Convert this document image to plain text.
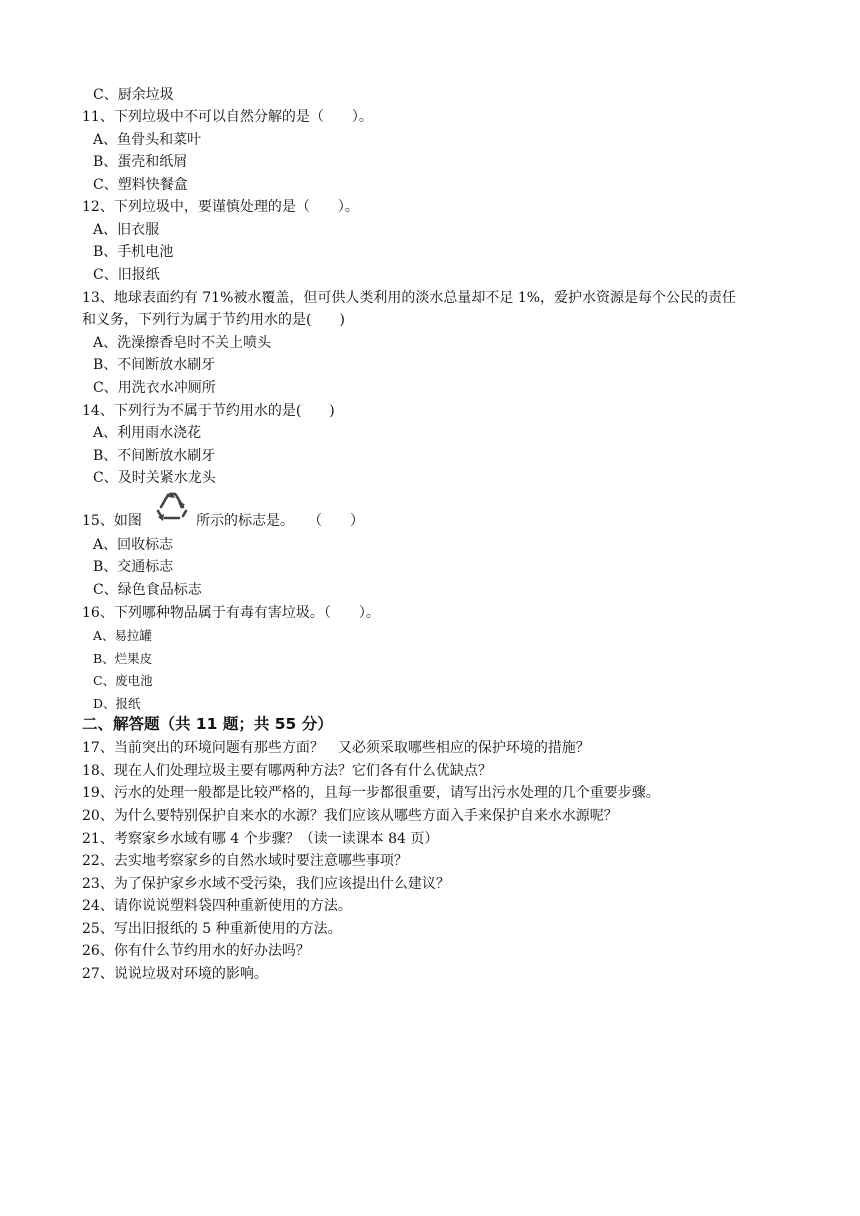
C、厨余垃圾
11、下列垃圾中不可以自然分解的是（　　）。
A、鱼骨头和菜叶
B、蛋壳和纸屑
C、塑料快餐盒
12、下列垃圾中，要谨慎处理的是（　　）。
A、旧衣服
B、手机电池
C、旧报纸
13、地球表面约有 71%被水覆盖，但可供人类利用的淡水总量却不足 1%，爱护水资源是每个公民的责任
和义务，下列行为属于节约用水的是(　　)
A、洗澡擦香皂时不关上喷头
B、不间断放水刷牙
C、用洗衣水冲厕所
14、下列行为不属于节约用水的是(　　)
A、利用雨水浇花
B、不间断放水刷牙
C、及时关紧水龙头
15、如图	所示的标志是。　　（　　）
A、回收标志
B、交通标志
C、绿色食品标志
16、下列哪种物品属于有毒有害垃圾。（　　）。
A、易拉罐
B、烂果皮
C、废电池
D、报纸
二、解答题（共 11 题；共 55 分）
17、当前突出的环境问题有那些方面？　又必须采取哪些相应的保护环境的措施？
18、现在人们处理垃圾主要有哪两种方法？它们各有什么优缺点？
19、污水的处理一般都是比较严格的，且每一步都很重要，请写出污水处理的几个重要步骤。
20、为什么要特别保护自来水的水源？我们应该从哪些方面入手来保护自来水水源呢？
21、考察家乡水域有哪 4 个步骤？（读一读课本 84 页）
22、去实地考察家乡的自然水域时要注意哪些事项？
23、为了保护家乡水域不受污染，我们应该提出什么建议？
24、请你说说塑料袋四种重新使用的方法。
25、写出旧报纸的 5 种重新使用的方法。
26、你有什么节约用水的好办法吗？
27、说说垃圾对环境的影响。
